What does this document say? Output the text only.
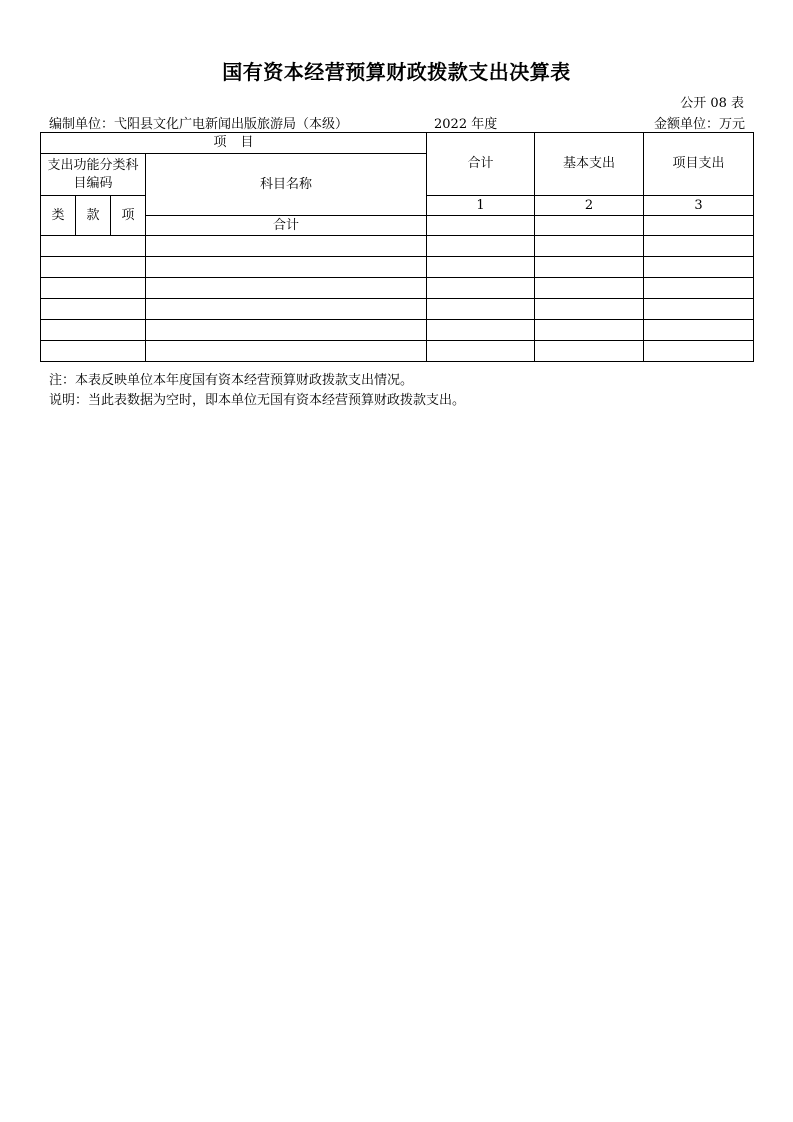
国有资本经营预算财政拨款支出决算表
公开 08 表
编制单位：弋阳县文化广电新闻出版旅游局（本级）	2022 年度	金额单位：万元
项目				合计	基本支出	项目支出
支出功能分类科目编码			科目名称			
类	款	项		1	2	3
			合计			

注：本表反映单位本年度国有资本经营预算财政拨款支出情况。
说明：当此表数据为空时，即本单位无国有资本经营预算财政拨款支出。
